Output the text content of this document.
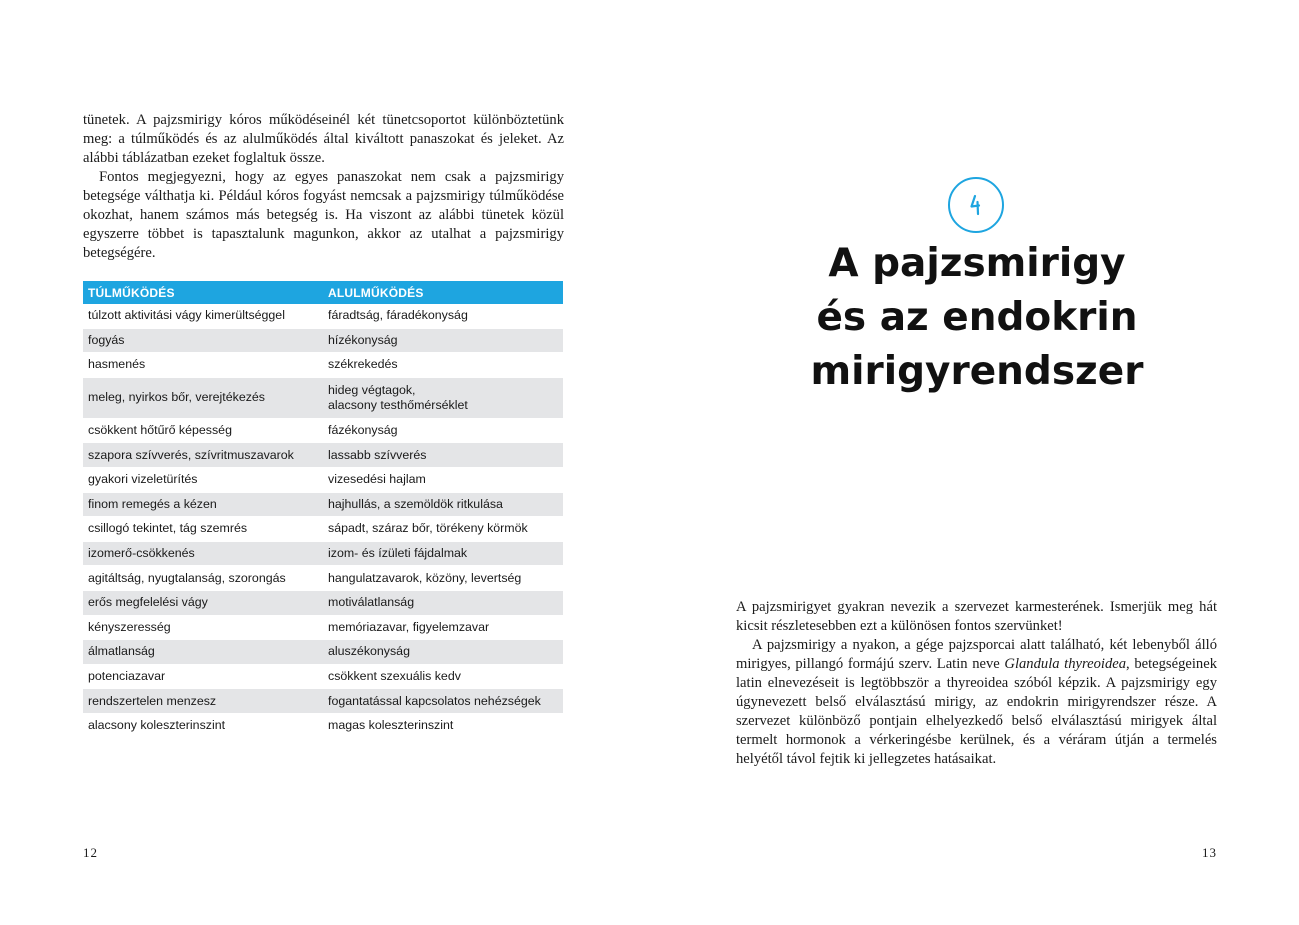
tünetek. A pajzsmirigy kóros működéseinél két tünetcsoportot különböztetünk meg: a túlműködés és az alulműködés által kiváltott panaszokat és jeleket. Az alábbi táblázatban ezeket foglaltuk össze.

Fontos megjegyezni, hogy az egyes panaszokat nem csak a pajzsmirigy betegsége válthatja ki. Például kóros fogyást nemcsak a pajzsmirigy túlműködése okozhat, hanem számos más betegség is. Ha viszont az alábbi tünetek közül egyszerre többet is tapasztalunk magunkon, akkor az utalhat a pajzsmirigy betegségére.

TÚLMŰKÖDÉS	ALULMŰKÖDÉS
túlzott aktivitási vágy kimerültséggel	fáradtság, fáradékonyság
fogyás	hízékonyság
hasmenés	székrekedés
meleg, nyirkos bőr, verejtékezés	hideg végtagok,
alacsony testhőmérséklet

csökkent hőtűrő képesség	fázékonyság
szapora szívverés, szívritmuszavarok	lassabb szívverés
gyakori vizeletürítés	vizesedési hajlam
finom remegés a kézen	hajhullás, a szemöldök ritkulása
csillogó tekintet, tág szemrés	sápadt, száraz bőr, törékeny körmök
izomerő-csökkenés	izom- és ízületi fájdalmak
agitáltság, nyugtalanság, szorongás	hangulatzavarok, közöny, levertség
erős megfelelési vágy	motiválatlanság
kényszeresség	memóriazavar, figyelemzavar
álmatlanság	aluszékonyság
potenciazavar	csökkent szexuális kedv
rendszertelen menzesz	fogantatással kapcsolatos nehézségek
alacsony koleszterinszint	magas koleszterinszint
12
A pajzsmirigy
és az endokrin
mirigyrendszer

A pajzsmirigyet gyakran nevezik a szervezet karmesterének. Ismerjük meg hát kicsit részletesebben ezt a különösen fontos szervünket!

A pajzsmirigy a nyakon, a gége pajzsporcai alatt található, két lebenyből álló mirigyes, pillangó formájú szerv. Latin neve Glandula thyreoidea, betegségeinek latin elnevezéseit is legtöbbször a thyreoidea szóból képzik. A pajzsmirigy egy úgynevezett belső elválasztású mirigy, az endokrin mirigyrendszer része. A szervezet különböző pontjain elhelyezkedő belső elválasztású mirigyek által termelt hormonok a vérkeringésbe kerülnek, és a véráram útján a termelés helyétől távol fejtik ki jellegzetes hatásaikat.

13
